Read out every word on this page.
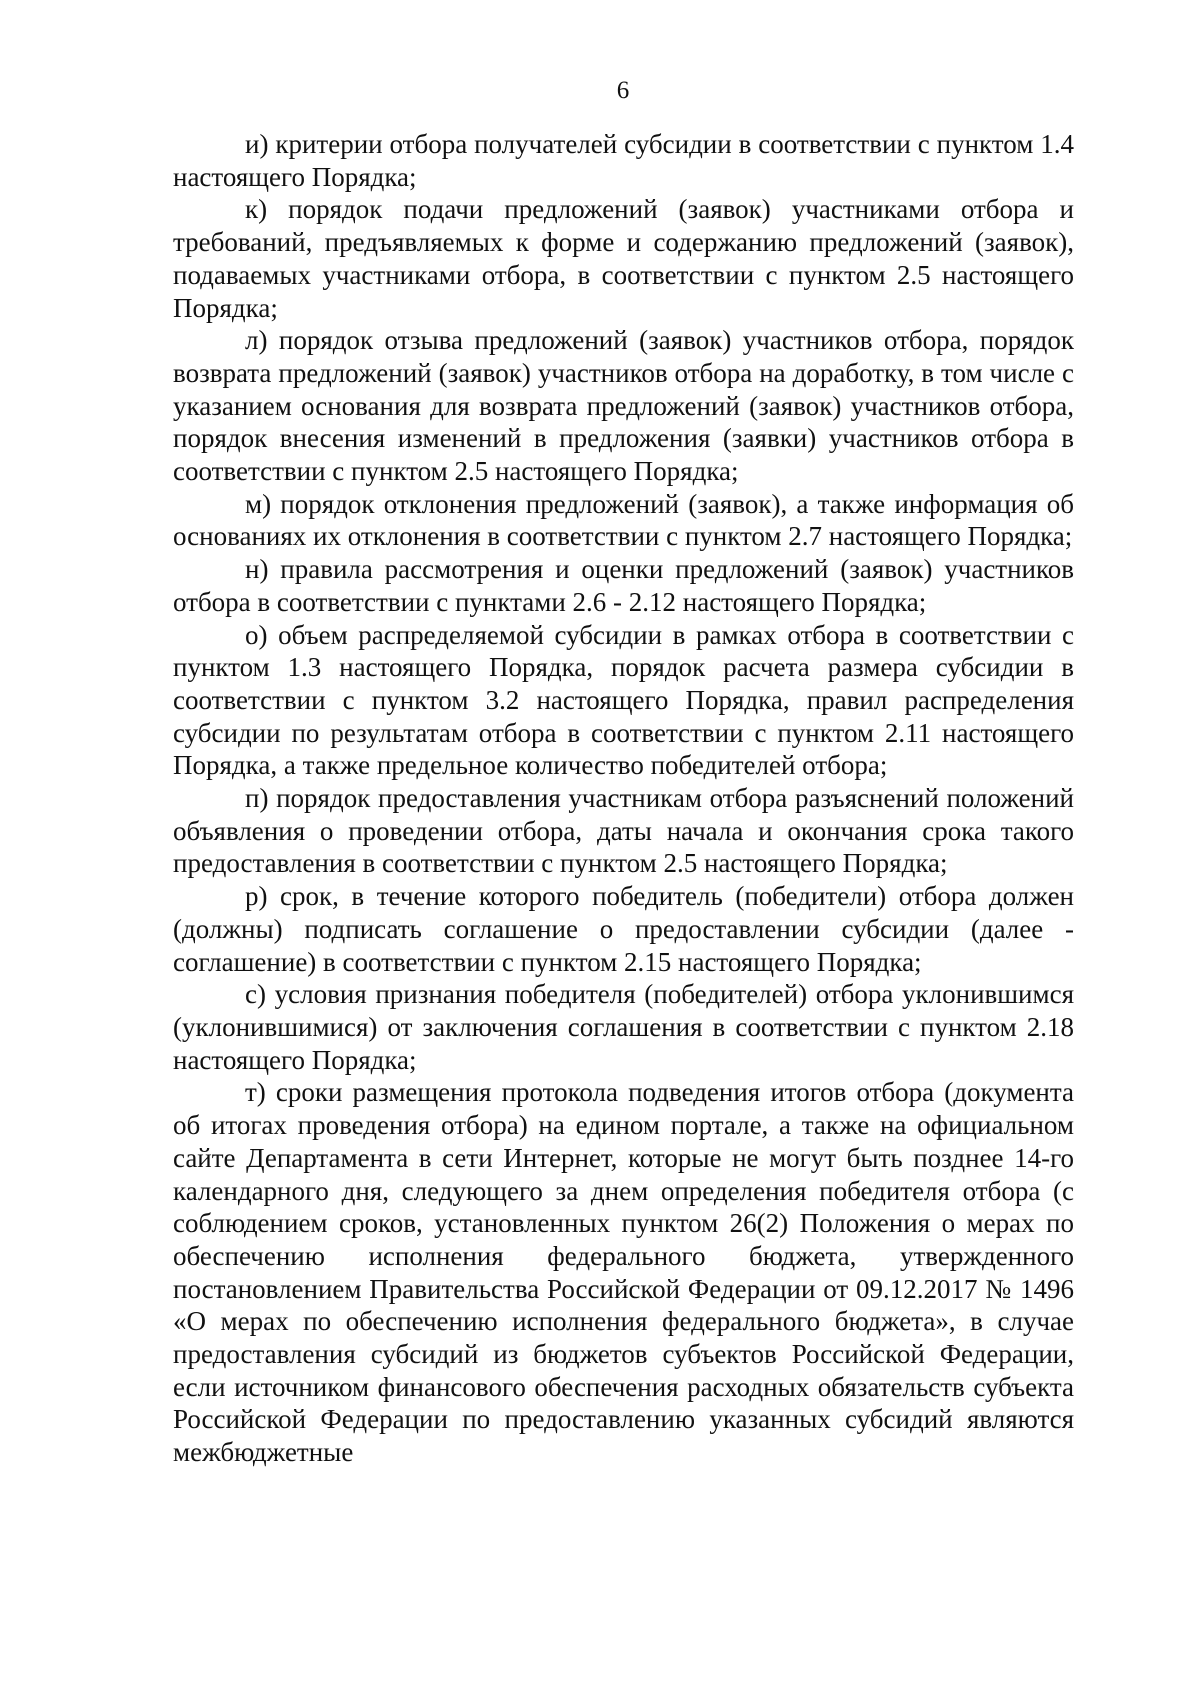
6

и) критерии отбора получателей субсидии в соответствии с пунктом 1.4 настоящего Порядка;

к) порядок подачи предложений (заявок) участниками отбора и требований, предъявляемых к форме и содержанию предложений (заявок), подаваемых участниками отбора, в соответствии с пунктом 2.5 настоящего Порядка;

л) порядок отзыва предложений (заявок) участников отбора, порядок возврата предложений (заявок) участников отбора на доработку, в том числе с указанием основания для возврата предложений (заявок) участников отбора, порядок внесения изменений в предложения (заявки) участников отбора в соответствии с пунктом 2.5 настоящего Порядка;

м) порядок отклонения предложений (заявок), а также информация об основаниях их отклонения в соответствии с пунктом 2.7 настоящего Порядка;

н) правила рассмотрения и оценки предложений (заявок) участников отбора в соответствии с пунктами 2.6 - 2.12 настоящего Порядка;

о) объем распределяемой субсидии в рамках отбора в соответствии с пунктом 1.3 настоящего Порядка, порядок расчета размера субсидии в соответствии с пунктом 3.2 настоящего Порядка, правил распределения субсидии по результатам отбора в соответствии с пунктом 2.11 настоящего Порядка, а также предельное количество победителей отбора;

п) порядок предоставления участникам отбора разъяснений положений объявления о проведении отбора, даты начала и окончания срока такого предоставления в соответствии с пунктом 2.5 настоящего Порядка;

р) срок, в течение которого победитель (победители) отбора должен (должны) подписать соглашение о предоставлении субсидии (далее - соглашение) в соответствии с пунктом 2.15 настоящего Порядка;

с) условия признания победителя (победителей) отбора уклонившимся (уклонившимися) от заключения соглашения в соответствии с пунктом 2.18 настоящего Порядка;

т) сроки размещения протокола подведения итогов отбора (документа об итогах проведения отбора) на едином портале, а также на официальном сайте Департамента в сети Интернет, которые не могут быть позднее 14-го календарного дня, следующего за днем определения победителя отбора (с соблюдением сроков, установленных пунктом 26(2) Положения о мерах по обеспечению исполнения федерального бюджета, утвержденного постановлением Правительства Российской Федерации от 09.12.2017 № 1496 «О мерах по обеспечению исполнения федерального бюджета», в случае предоставления субсидий из бюджетов субъектов Российской Федерации, если источником финансового обеспечения расходных обязательств субъекта Российской Федерации по предоставлению указанных субсидий являются межбюджетные
